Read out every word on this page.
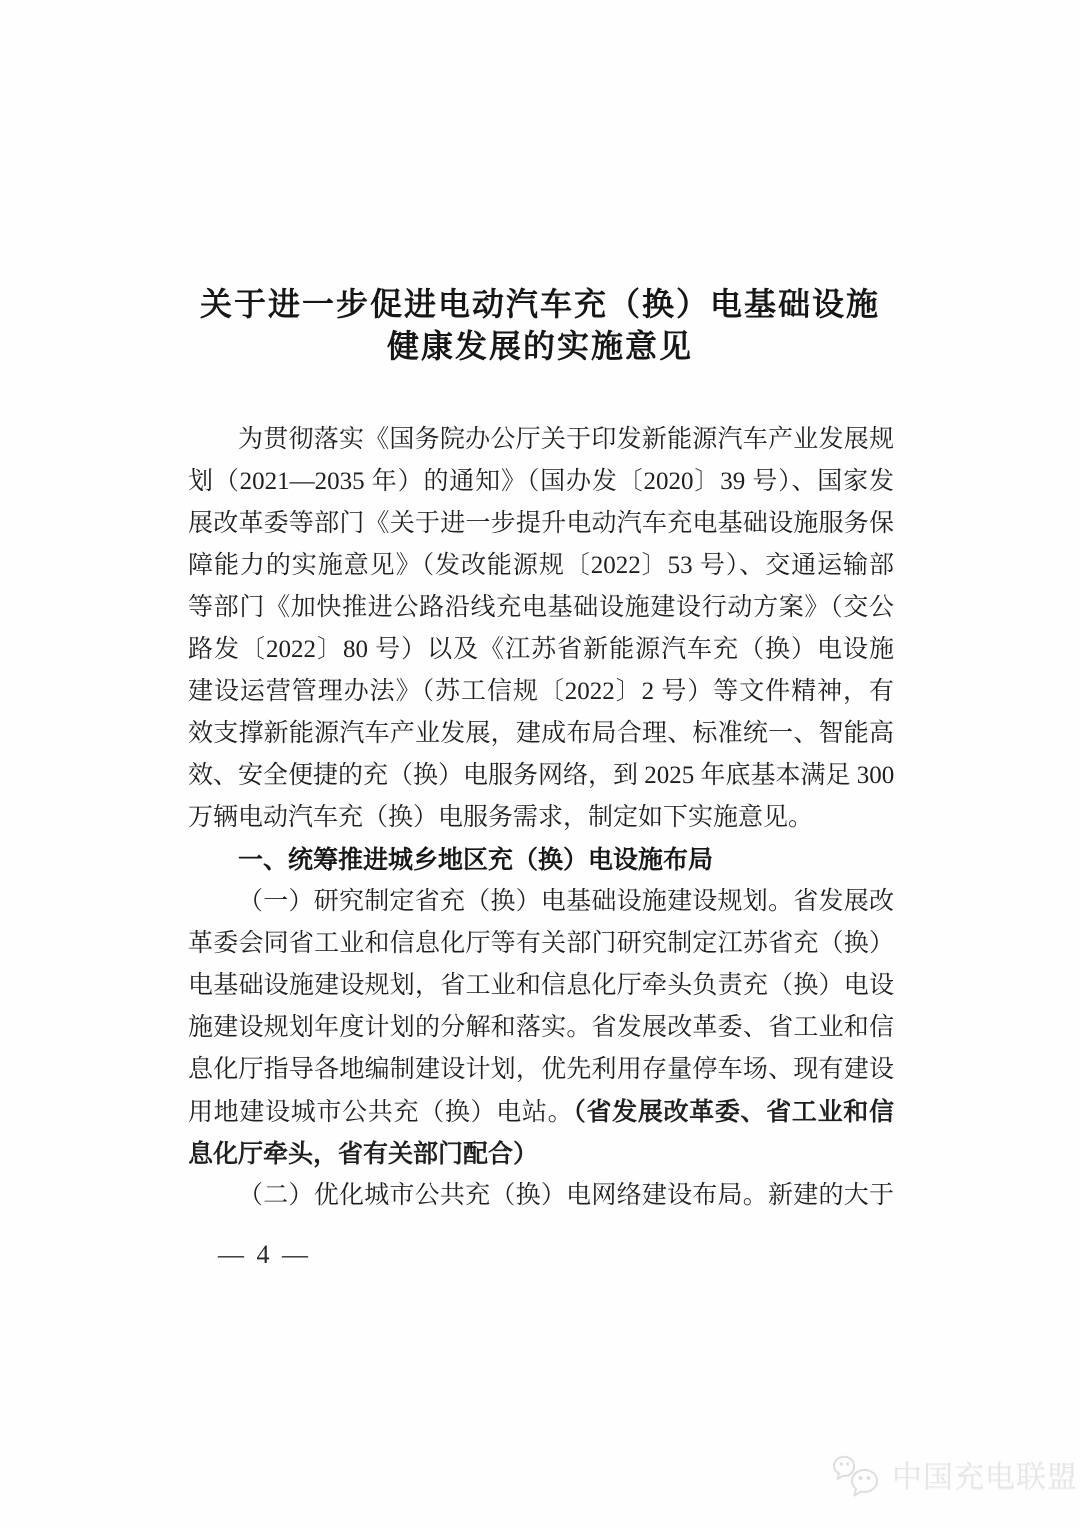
关于进一步促进电动汽车充（换）电基础设施
健康发展的实施意见
为贯彻落实《国务院办公厅关于印发新能源汽车产业发展规
划（2021—2035 年）的通知》（国办发〔2020〕39 号）、国家发
展改革委等部门《关于进一步提升电动汽车充电基础设施服务保
障能力的实施意见》（发改能源规〔2022〕53 号）、交通运输部
等部门《加快推进公路沿线充电基础设施建设行动方案》（交公
路发〔2022〕80 号）以及《江苏省新能源汽车充（换）电设施
建设运营管理办法》（苏工信规〔2022〕2 号）等文件精神，有
效支撑新能源汽车产业发展，建成布局合理、标准统一、智能高
效、安全便捷的充（换）电服务网络，到 2025 年底基本满足 300
万辆电动汽车充（换）电服务需求，制定如下实施意见。
一、统筹推进城乡地区充（换）电设施布局
（一）研究制定省充（换）电基础设施建设规划。省发展改
革委会同省工业和信息化厅等有关部门研究制定江苏省充（换）
电基础设施建设规划，省工业和信息化厅牵头负责充（换）电设
施建设规划年度计划的分解和落实。省发展改革委、省工业和信
息化厅指导各地编制建设计划，优先利用存量停车场、现有建设
用地建设城市公共充（换）电站。（省发展改革委、省工业和信
息化厅牵头，省有关部门配合）
（二）优化城市公共充（换）电网络建设布局。新建的大于
— 4 —
中国充电联盟
